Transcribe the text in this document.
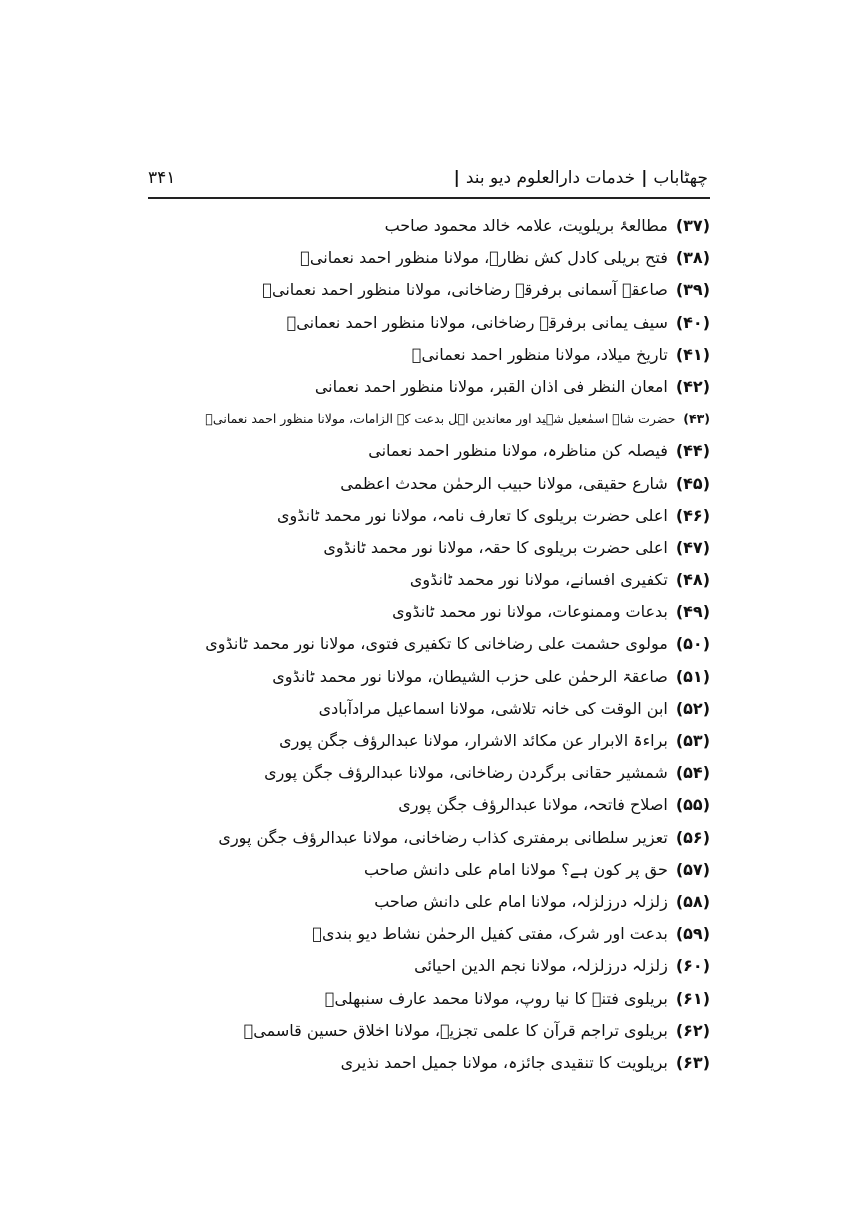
چھٹاباب
|
خدمات دارالعلوم دیو بند
|
۳۴۱
(۳۷)مطالعۂ بریلویت، علامہ خالد محمود صاحب
(۳۸)فتح بریلی کادل کش نظارہ، مولانا منظور احمد نعمانیؒ
(۳۹)صاعقۂ آسمانی برفرقۂ رضاخانی، مولانا منظور احمد نعمانیؒ
(۴۰)سیف یمانی برفرقۂ رضاخانی، مولانا منظور احمد نعمانیؒ
(۴۱)تاریخ میلاد، مولانا منظور احمد نعمانیؒ
(۴۲)امعان النظر فی اذان القبر، مولانا منظور احمد نعمانی
(۴۳)حضرت شاہ اسمٰعیل شہید اور معاندین اہل بدعت کے الزامات، مولانا منظور احمد نعمانیؒ
(۴۴)فیصلہ کن مناظرہ، مولانا منظور احمد نعمانی
(۴۵)شارع حقیقی، مولانا حبیب الرحمٰن محدث اعظمی
(۴۶)اعلی حضرت بریلوی کا تعارف نامہ، مولانا نور محمد ٹانڈوی
(۴۷)اعلی حضرت بریلوی کا حقہ، مولانا نور محمد ٹانڈوی
(۴۸)تکفیری افسانے، مولانا نور محمد ٹانڈوی
(۴۹)بدعات وممنوعات، مولانا نور محمد ٹانڈوی
(۵۰)مولوی حشمت علی رضاخانی کا تکفیری فتوی، مولانا نور محمد ٹانڈوی
(۵۱)صاعقۃ الرحمٰن علی حزب الشیطان، مولانا نور محمد ٹانڈوی
(۵۲)ابن الوقت کی خانہ تلاشی، مولانا اسماعیل مرادآبادی
(۵۳)براءۃ الابرار عن مکائد الاشرار، مولانا عبدالرؤف جگن پوری
(۵۴)شمشیر حقانی برگردن رضاخانی، مولانا عبدالرؤف جگن پوری
(۵۵)اصلاح فاتحہ، مولانا عبدالرؤف جگن پوری
(۵۶)تعزیر سلطانی برمفتری کذاب رضاخانی، مولانا عبدالرؤف جگن پوری
(۵۷)حق پر کون ہے؟ مولانا امام علی دانش صاحب
(۵۸)زلزلہ درزلزلہ، مولانا امام علی دانش صاحب
(۵۹)بدعت اور شرک، مفتی کفیل الرحمٰن نشاط دیو بندیؒ
(۶۰)زلزلہ درزلزلہ، مولانا نجم الدین احیائی
(۶۱)بریلوی فتنے کا نیا روپ، مولانا محمد عارف سنبھلیؒ
(۶۲)بریلوی تراجم قرآن کا علمی تجزیہ، مولانا اخلاق حسین قاسمیؒ
(۶۳)بریلویت کا تنقیدی جائزہ، مولانا جمیل احمد نذیری
